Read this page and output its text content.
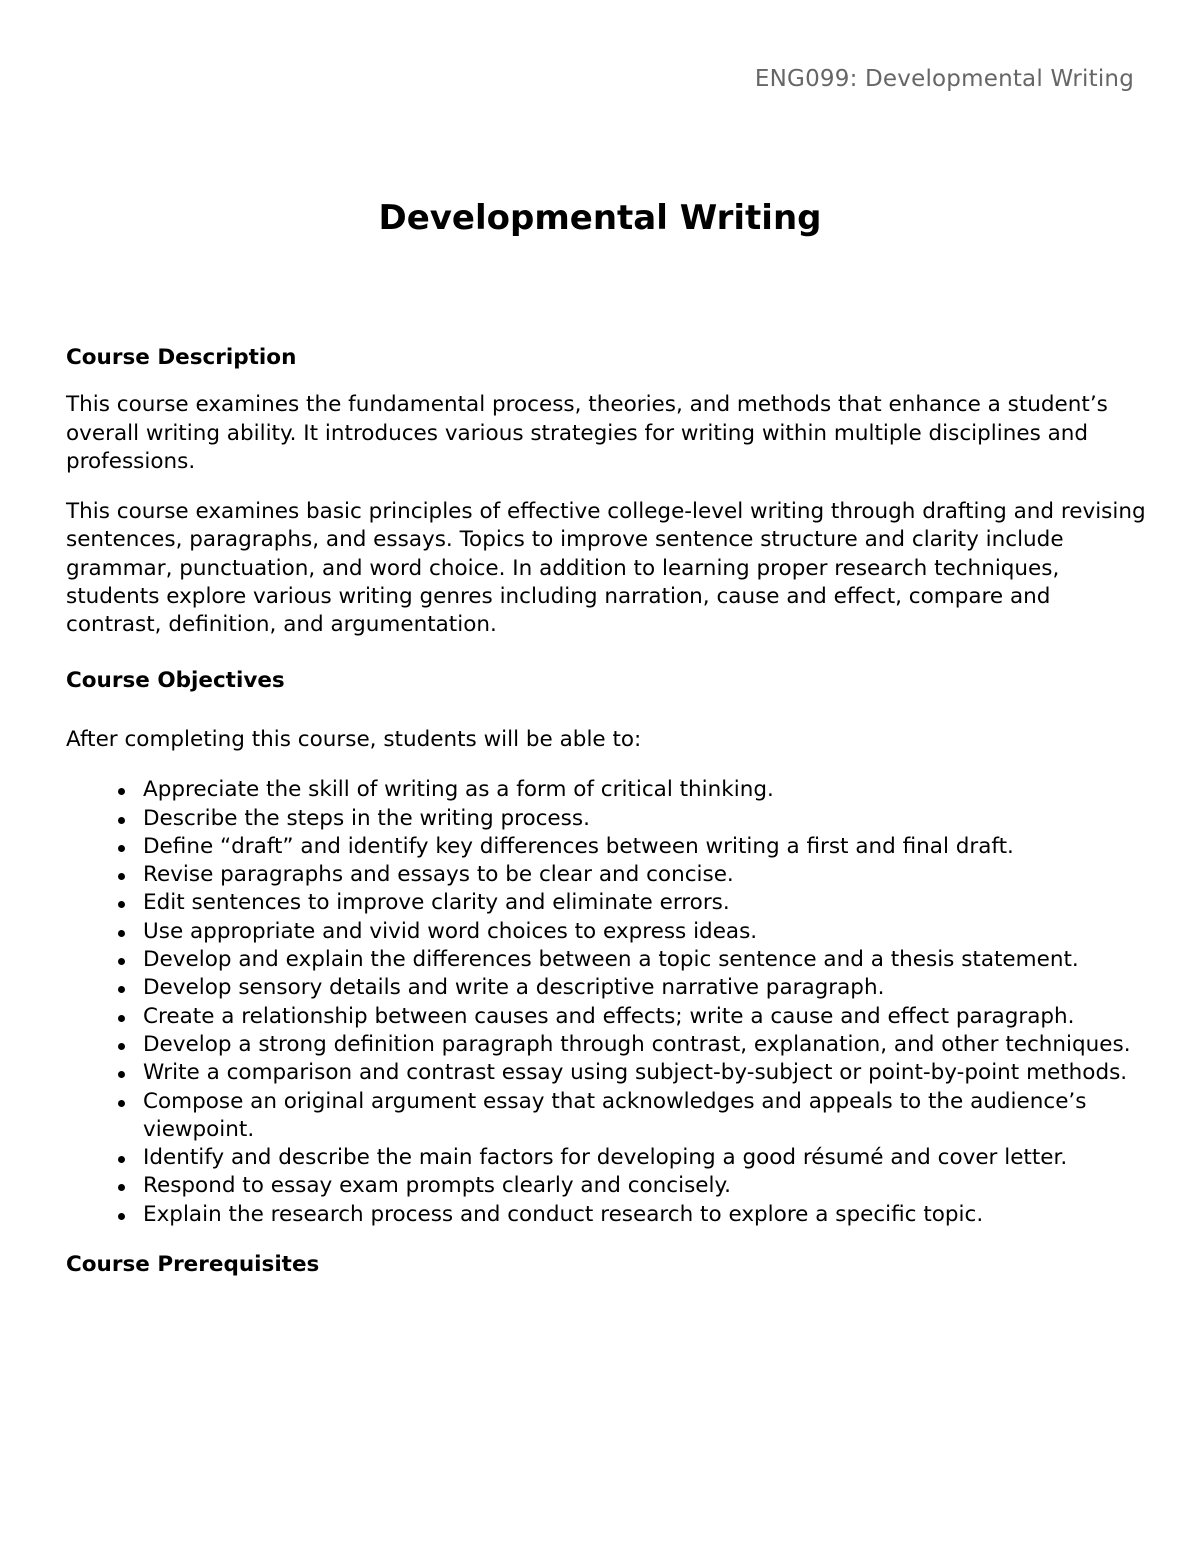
ENG099: Developmental Writing
Developmental Writing
Course Description

This course examines the fundamental process, theories, and methods that enhance a student’s overall writing ability. It introduces various strategies for writing within multiple disciplines and professions.

This course examines basic principles of effective college-level writing through drafting and revising sentences, paragraphs, and essays. Topics to improve sentence structure and clarity include grammar, punctuation, and word choice. In addition to learning proper research techniques, students explore various writing genres including narration, cause and effect, compare and contrast, definition, and argumentation.

Course Objectives

After completing this course, students will be able to:

Appreciate the skill of writing as a form of critical thinking.
Describe the steps in the writing process.
Define “draft” and identify key differences between writing a first and final draft.
Revise paragraphs and essays to be clear and concise.
Edit sentences to improve clarity and eliminate errors.
Use appropriate and vivid word choices to express ideas.
Develop and explain the differences between a topic sentence and a thesis statement.
Develop sensory details and write a descriptive narrative paragraph.
Create a relationship between causes and effects; write a cause and effect paragraph.
Develop a strong definition paragraph through contrast, explanation, and other techniques.
Write a comparison and contrast essay using subject-by-subject or point-by-point methods.
Compose an original argument essay that acknowledges and appeals to the audience’s viewpoint.
Identify and describe the main factors for developing a good résumé and cover letter.
Respond to essay exam prompts clearly and concisely.
Explain the research process and conduct research to explore a specific topic.
Course Prerequisites
